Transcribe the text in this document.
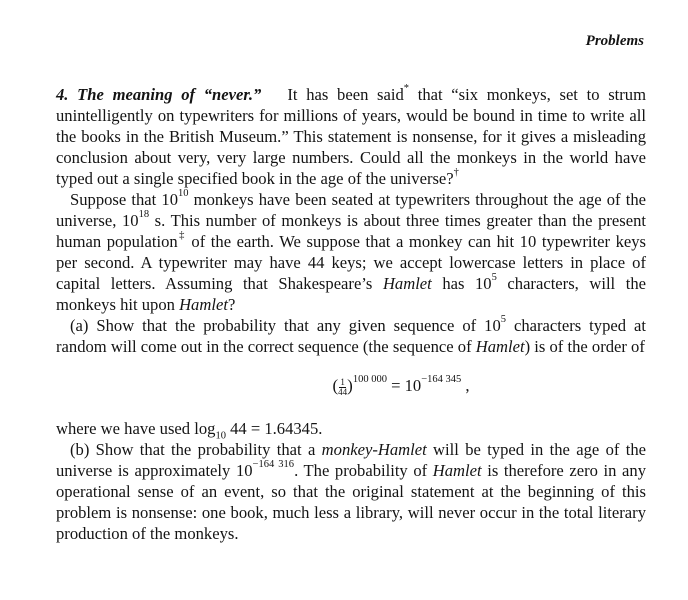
Problems

4. The meaning of “never.” It has been said* that “six monkeys, set to strum unintelligently on typewriters for millions of years, would be bound in time to write all the books in the British Museum.” This statement is nonsense, for it gives a misleading conclusion about very, very large numbers. Could all the monkeys in the world have typed out a single specified book in the age of the universe?†

Suppose that $10^{10}$ monkeys have been seated at typewriters throughout the age of the universe, $10^{18}$ s. This number of monkeys is about three times greater than the present human population‡ of the earth. We suppose that a monkey can hit 10 typewriter keys per second. A typewriter may have 44 keys; we accept lowercase letters in place of capital letters. Assuming that Shakespeare’s Hamlet has $10^5$ characters, will the monkeys hit upon Hamlet?

(a) Show that the probability that any given sequence of $10^5$ characters typed at random will come out in the correct sequence (the sequence of Hamlet) is of the order of

( $\frac{1}{44} )^{100 000} = 10^{-164 345}$ ,

where we have used $\log_{10} 44 = 1.64345$.

(b) Show that the probability that a monkey-Hamlet will be typed in the age of the universe is approximately $10^{-164 316}$. The probability of Hamlet is therefore zero in any operational sense of an event, so that the original statement at the beginning of this problem is nonsense: one book, much less a library, will never occur in the total literary production of the monkeys.
